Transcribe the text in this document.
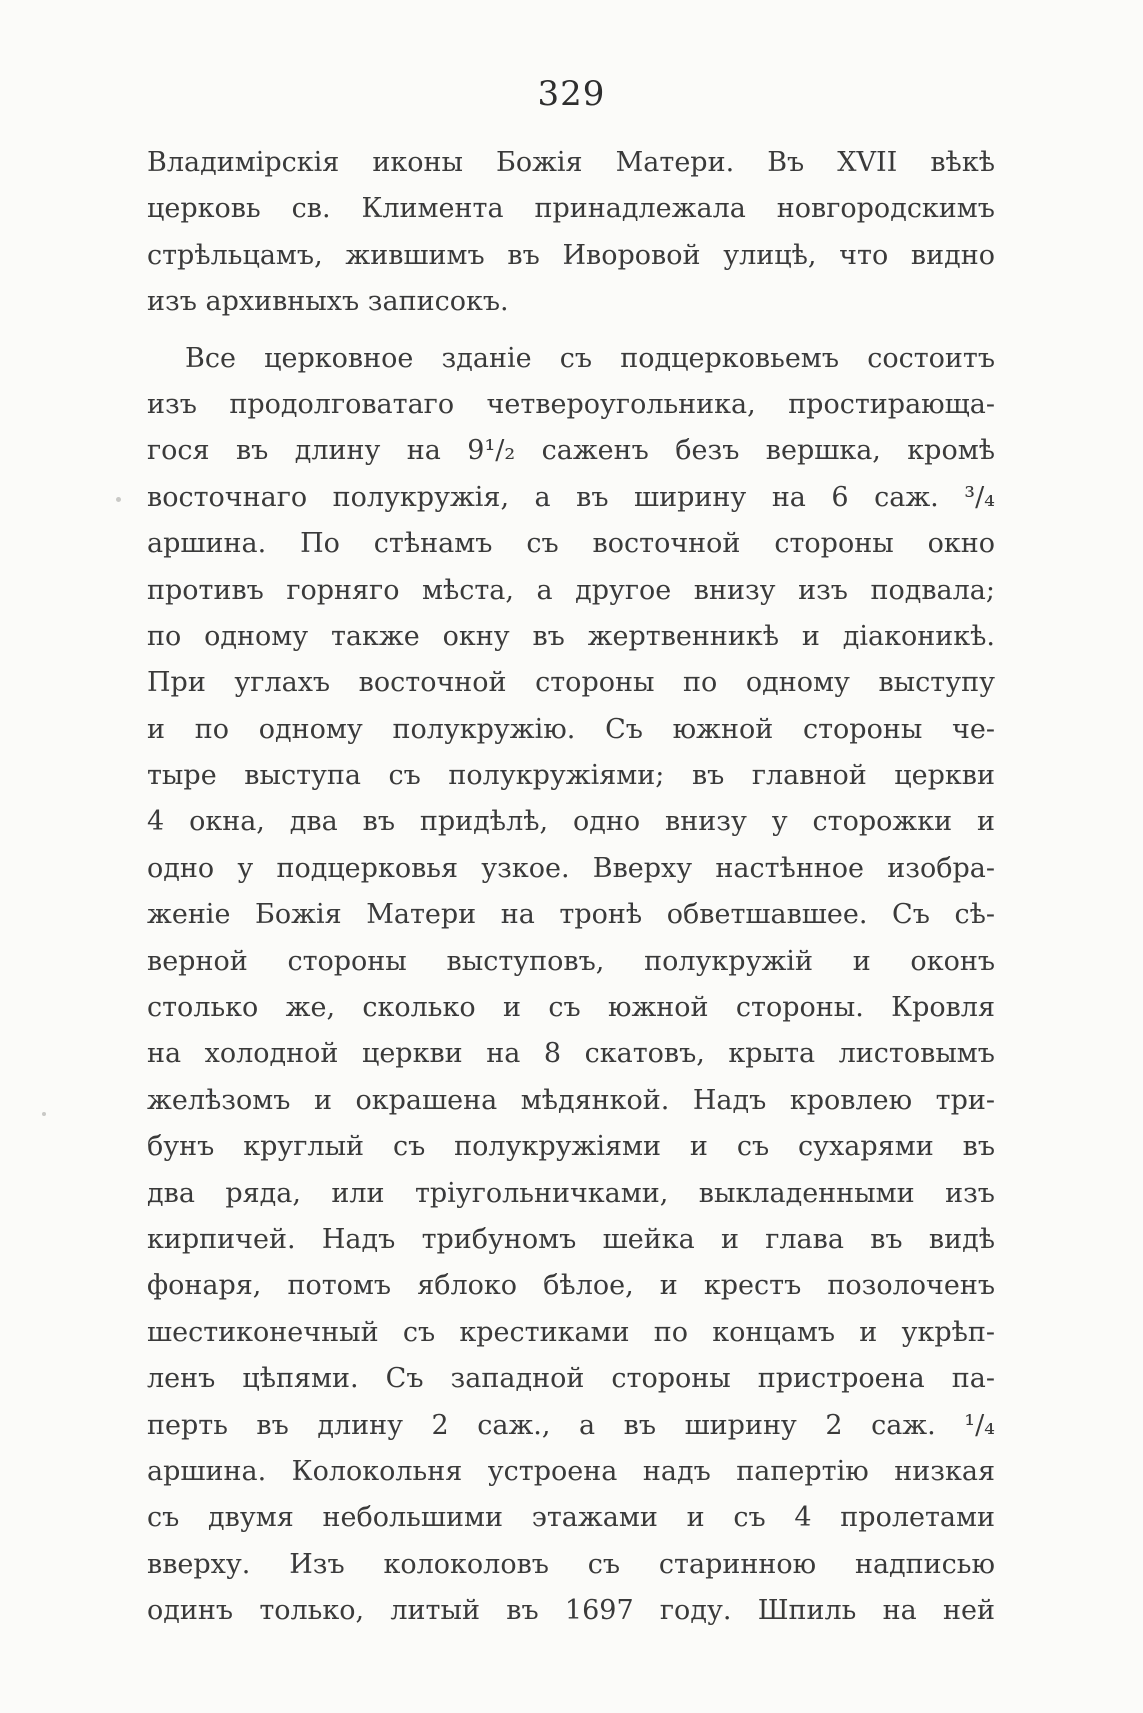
329
Владимірскія иконы Божія Матери. Въ XVII вѣкѣ
церковь св. Климента принадлежала новгородскимъ
стрѣльцамъ, жившимъ въ Иворовой улицѣ, что видно
изъ архивныхъ записокъ.
Все церковное зданіе съ подцерковьемъ состоитъ
изъ продолговатаго четвероугольника, простирающа-
гося въ длину на 9¹/₂ саженъ безъ вершка, кромѣ
восточнаго полукружія, а въ ширину на 6 саж. ³/₄
аршина. По стѣнамъ съ восточной стороны окно
противъ горняго мѣста, а другое внизу изъ подвала;
по одному также окну въ жертвенникѣ и діаконикѣ.
При углахъ восточной стороны по одному выступу
и по одному полукружію. Съ южной стороны че-
тыре выступа съ полукружіями; въ главной церкви
4 окна, два въ придѣлѣ, одно внизу у сторожки и
одно у подцерковья узкое. Вверху настѣнное изобра-
женіе Божія Матери на тронѣ обветшавшее. Съ сѣ-
верной стороны выступовъ, полукружій и оконъ
столько же, сколько и съ южной стороны. Кровля
на холодной церкви на 8 скатовъ, крыта листовымъ
желѣзомъ и окрашена мѣдянкой. Надъ кровлею три-
бунъ круглый съ полукружіями и съ сухарями въ
два ряда, или тріугольничками, выкладенными изъ
кирпичей. Надъ трибуномъ шейка и глава въ видѣ
фонаря, потомъ яблоко бѣлое, и крестъ позолоченъ
шестиконечный съ крестиками по концамъ и укрѣп-
ленъ цѣпями. Съ западной стороны пристроена па-
перть въ длину 2 саж., а въ ширину 2 саж. ¹/₄
аршина. Колокольня устроена надъ папертію низкая
съ двумя небольшими этажами и съ 4 пролетами
вверху. Изъ колоколовъ съ старинною надписью
одинъ только, литый въ 1697 году. Шпиль на ней
